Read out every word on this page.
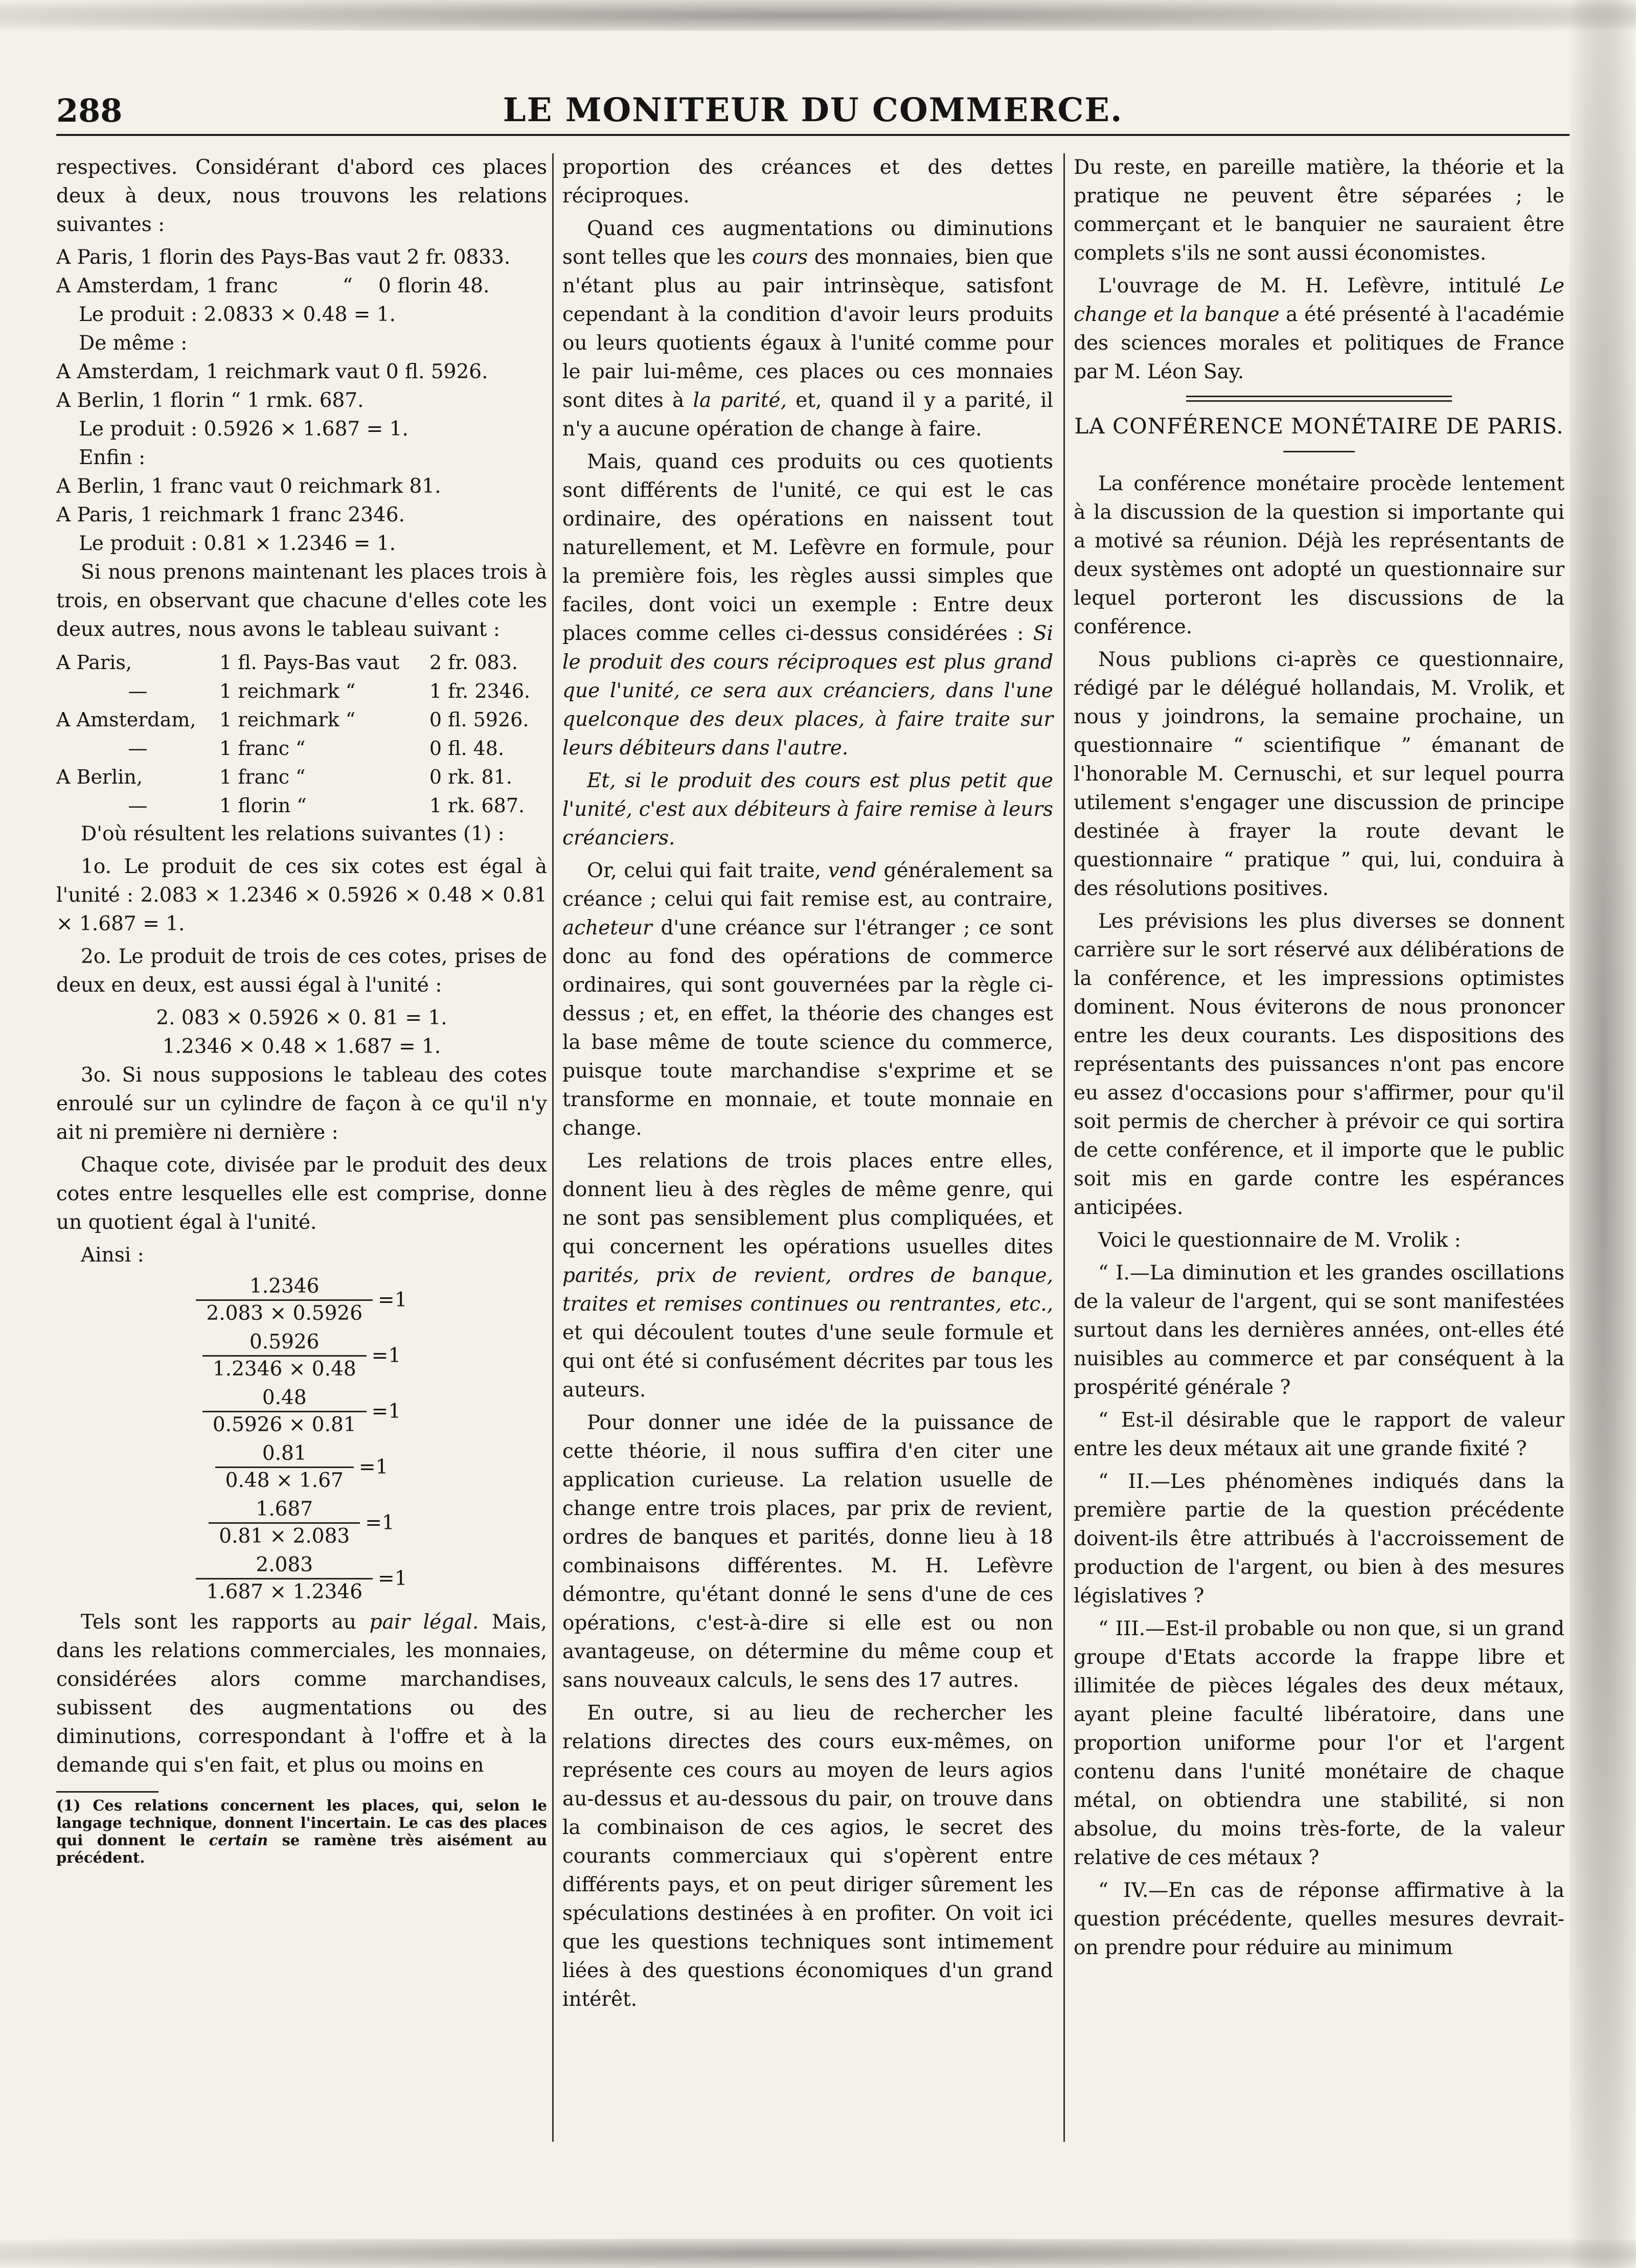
288	LE MONITEUR DU COMMERCE.

respectives. Considérant d'abord ces places deux à deux, nous trouvons les relations suivantes :

A Paris, 1 florin des Pays-Bas vaut 2 fr. 0833.
A Amsterdam, 1 franc	“	0 florin 48.
Le produit : 2.0833 × 0.48 = 1.
De même :
A Amsterdam, 1 reichmark vaut 0 fl. 5926.
A Berlin, 1 florin “ 1 rmk. 687.
Le produit : 0.5926 × 1.687 = 1.
Enfin :
A Berlin, 1 franc vaut 0 reichmark 81.
A Paris, 1 reichmark 1 franc 2346.
Le produit : 0.81 × 1.2346 = 1.

Si nous prenons maintenant les places trois à trois, en observant que chacune d'elles cote les deux autres, nous avons le tableau suivant :

A Paris,	1 fl. Pays-Bas vaut	2 fr. 083.
—	1 reichmark “	1 fr. 2346.
A Amsterdam,	1 reichmark “	0 fl. 5926.
—	1 franc “	0 fl. 48.
A Berlin,	1 franc “	0 rk. 81.
—	1 florin “	1 rk. 687.

D'où résultent les relations suivantes (1) :

1o. Le produit de ces six cotes est égal à l'unité : 2.083 × 1.2346 × 0.5926 × 0.48 × 0.81 × 1.687 = 1.

2o. Le produit de trois de ces cotes, prises de deux en deux, est aussi égal à l'unité :

2. 083 × 0.5926 × 0. 81 = 1.
1.2346 × 0.48 × 1.687 = 1.

3o. Si nous supposions le tableau des cotes enroulé sur un cylindre de façon à ce qu'il n'y ait ni première ni dernière :

Chaque cote, divisée par le produit des deux cotes entre lesquelles elle est comprise, donne un quotient égal à l'unité.

Ainsi :

$\frac{1.2346}{2.083 \times 0.5926} =1$
$\frac{0.5926}{1.2346 \times 0.48} =1$
$\frac{0.48}{0.5926 \times 0.81} =1$
$\frac{0.81}{0.48 \times 1.67} =1$
$\frac{1.687}{0.81 \times 2.083} =1$
$\frac{2.083}{1.687 \times 1.2346} =1$

Tels sont les rapports au pair légal. Mais, dans les relations commerciales, les monnaies, considérées alors comme marchandises, subissent des augmentations ou des diminutions, correspondant à l'offre et à la demande qui s'en fait, et plus ou moins en

(1) Ces relations concernent les places, qui, selon le langage technique, donnent l'incertain. Le cas des places qui donnent le certain se ramène très aisément au précédent.

proportion des créances et des dettes réciproques.

Quand ces augmentations ou diminutions sont telles que les cours des monnaies, bien que n'étant plus au pair intrinsèque, satisfont cependant à la condition d'avoir leurs produits ou leurs quotients égaux à l'unité comme pour le pair lui-même, ces places ou ces monnaies sont dites à la parité, et, quand il y a parité, il n'y a aucune opération de change à faire.

Mais, quand ces produits ou ces quotients sont différents de l'unité, ce qui est le cas ordinaire, des opérations en naissent tout naturellement, et M. Lefèvre en formule, pour la première fois, les règles aussi simples que faciles, dont voici un exemple : Entre deux places comme celles ci-dessus considérées : Si le produit des cours réciproques est plus grand que l'unité, ce sera aux créanciers, dans l'une quelconque des deux places, à faire traite sur leurs débiteurs dans l'autre.

Et, si le produit des cours est plus petit que l'unité, c'est aux débiteurs à faire remise à leurs créanciers.

Or, celui qui fait traite, vend généralement sa créance ; celui qui fait remise est, au contraire, acheteur d'une créance sur l'étranger ; ce sont donc au fond des opérations de commerce ordinaires, qui sont gouvernées par la règle ci-dessus ; et, en effet, la théorie des changes est la base même de toute science du commerce, puisque toute marchandise s'exprime et se transforme en monnaie, et toute monnaie en change.

Les relations de trois places entre elles, donnent lieu à des règles de même genre, qui ne sont pas sensiblement plus compliquées, et qui concernent les opérations usuelles dites parités, prix de revient, ordres de banque, traites et remises continues ou rentrantes, etc., et qui découlent toutes d'une seule formule et qui ont été si confusément décrites par tous les auteurs.

Pour donner une idée de la puissance de cette théorie, il nous suffira d'en citer une application curieuse. La relation usuelle de change entre trois places, par prix de revient, ordres de banques et parités, donne lieu à 18 combinaisons différentes. M. H. Lefèvre démontre, qu'étant donné le sens d'une de ces opérations, c'est-à-dire si elle est ou non avantageuse, on détermine du même coup et sans nouveaux calculs, le sens des 17 autres.

En outre, si au lieu de rechercher les relations directes des cours eux-mêmes, on représente ces cours au moyen de leurs agios au-dessus et au-dessous du pair, on trouve dans la combinaison de ces agios, le secret des courants commerciaux qui s'opèrent entre différents pays, et on peut diriger sûrement les spéculations destinées à en profiter. On voit ici que les questions techniques sont intimement liées à des questions économiques d'un grand intérêt.

Du reste, en pareille matière, la théorie et la pratique ne peuvent être séparées ; le commerçant et le banquier ne sauraient être complets s'ils ne sont aussi économistes.

L'ouvrage de M. H. Lefèvre, intitulé Le change et la banque a été présenté à l'académie des sciences morales et politiques de France par M. Léon Say.

LA CONFÉRENCE MONÉTAIRE DE PARIS.

La conférence monétaire procède lentement à la discussion de la question si importante qui a motivé sa réunion. Déjà les représentants de deux systèmes ont adopté un questionnaire sur lequel porteront les discussions de la conférence.

Nous publions ci-après ce questionnaire, rédigé par le délégué hollandais, M. Vrolik, et nous y joindrons, la semaine prochaine, un questionnaire “ scientifique ” émanant de l'honorable M. Cernuschi, et sur lequel pourra utilement s'engager une discussion de principe destinée à frayer la route devant le questionnaire “ pratique ” qui, lui, conduira à des résolutions positives.

Les prévisions les plus diverses se donnent carrière sur le sort réservé aux délibérations de la conférence, et les impressions optimistes dominent. Nous éviterons de nous prononcer entre les deux courants. Les dispositions des représentants des puissances n'ont pas encore eu assez d'occasions pour s'affirmer, pour qu'il soit permis de chercher à prévoir ce qui sortira de cette conférence, et il importe que le public soit mis en garde contre les espérances anticipées.

Voici le questionnaire de M. Vrolik :

“ I.—La diminution et les grandes oscillations de la valeur de l'argent, qui se sont manifestées surtout dans les dernières années, ont-elles été nuisibles au commerce et par conséquent à la prospérité générale ?

“ Est-il désirable que le rapport de valeur entre les deux métaux ait une grande fixité ?

“ II.—Les phénomènes indiqués dans la première partie de la question précédente doivent-ils être attribués à l'accroissement de production de l'argent, ou bien à des mesures législatives ?

“ III.—Est-il probable ou non que, si un grand groupe d'Etats accorde la frappe libre et illimitée de pièces légales des deux métaux, ayant pleine faculté libératoire, dans une proportion uniforme pour l'or et l'argent contenu dans l'unité monétaire de chaque métal, on obtiendra une stabilité, si non absolue, du moins très-forte, de la valeur relative de ces métaux ?

“ IV.—En cas de réponse affirmative à la question précédente, quelles mesures devrait-on prendre pour réduire au minimum
